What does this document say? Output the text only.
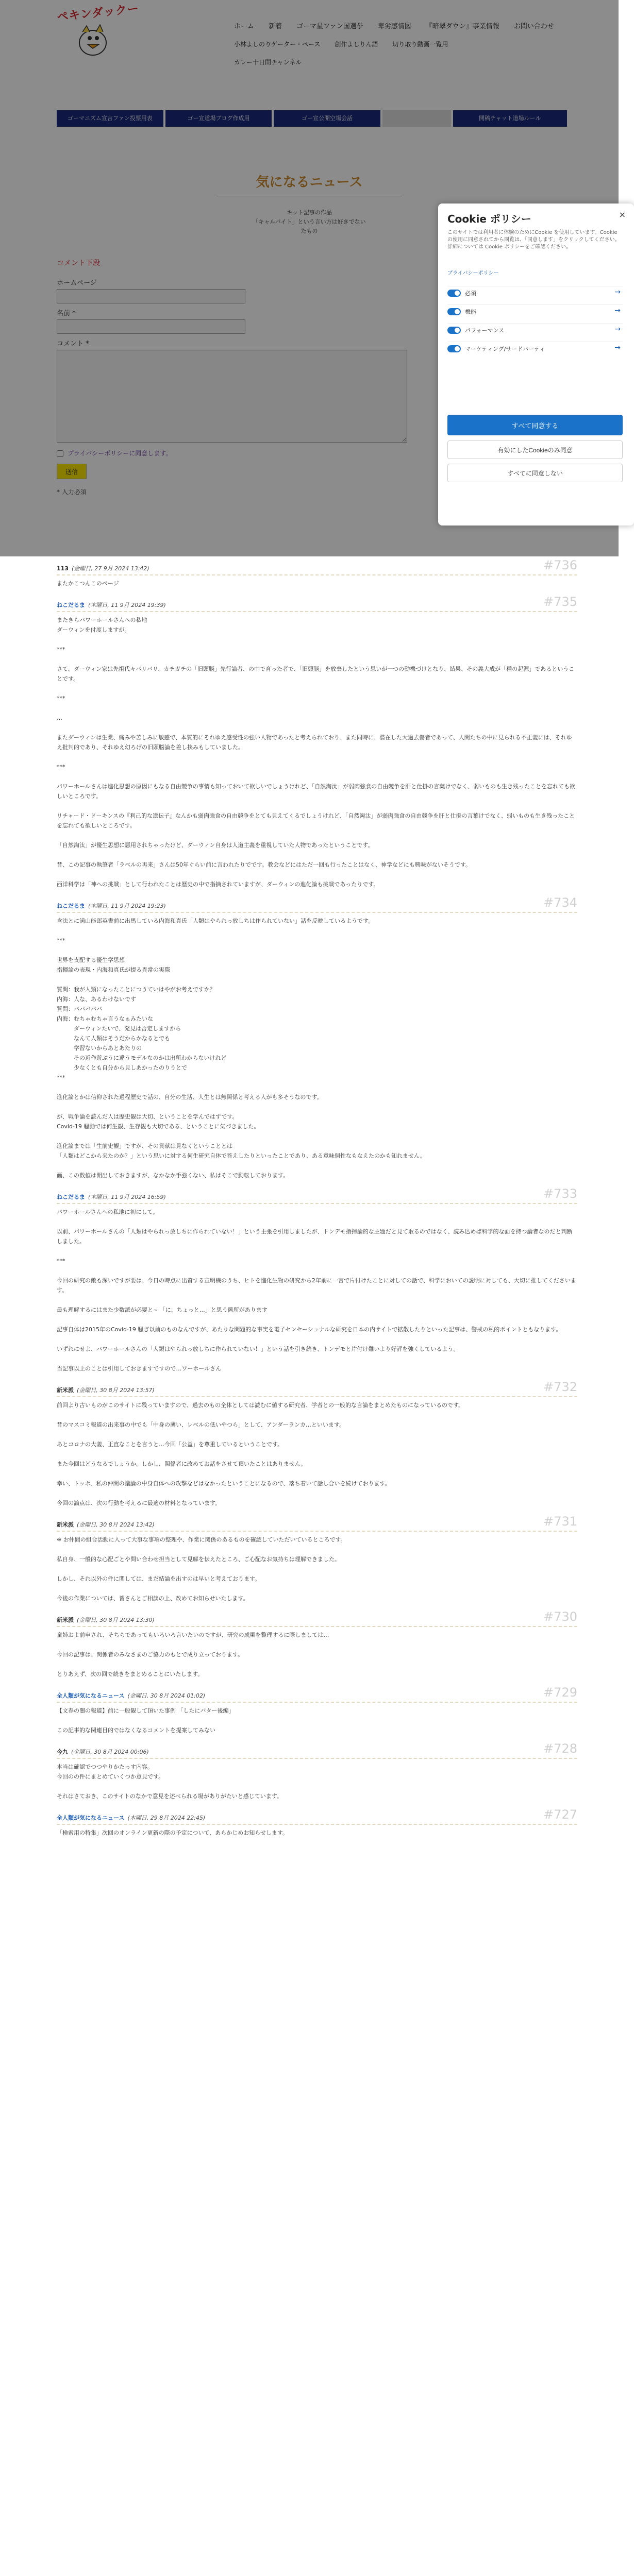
ペキンダックー
ホーム	新着	ゴーマ星ファン国選挙	卑劣感情図	『暗翠ダウン』事業情報	お問い合わせ
小林よしのりゲーター・ペース	創作よしりん語	切り取り動画一覧用
カレー十日間チャンネル
ゴーマニズム宣言ファン投票用表	ゴー宣道場ブログ作成用	ゴー宣公開空場会話	開稿チャット道場ルール
気になるニュース
キット記事の作品
「キャルバイト」という言い方は好きでない
たもの
コメント下段
ホームページ
名前 *
コメント *
プライバシーポリシーに同意します。
送信
* 入力必須
Cookie ポリシー	×
このサイトでは利用者に体験のためにCookie を使用しています。Cookie の使用に同意されてから閲覧は、「同意します」をクリックしてください。詳細については Cookie ポリシーをご確認ください。
プライバシーポリシー
必須	→
機能	→
パフォーマンス	→
マーケティング/サードパーティ	→
すべて同意する
有効にしたCookieのみ同意
すべてに同意しない
113 (金曜日, 27 9月 2024 13:42)	#736
またかこつんこのページ
ねこだるま (木曜日, 11 9月 2024 19:39)	#735
またきらパワーホールさんへの私地
ダーウィンを付度しますが。

***

さて、ダーウィン家は先祖代々バリバリ、カチガチの「旧頭脳」先行論者、の中で育った者で、「旧頭脳」を放棄したという思いが一つの動機づけとなり、結果、その義大成が「種の起源」であるということです。

***

…

またダーウィンは生業、痛みや苦しみに敏感で、本質的にそれゆえ感受性の強い人物であったと考えられており、また同時に、潜在した大過去傷者であって、人間たちの中に見られる不正義には、それゆえ批判的であり、それゆえ幻ろげの旧頭脳論を差し挟みもしていました。

***

パワーホールさんは進化思想の原因にもなる自由競争の事情も知っておいて欲しいでしょうけれど、「自然淘汰」が弱肉強食の自由競争を肝と仕掛の言葉けでなく、弱いものも生き残ったことを忘れても欲しいところです。

リチャード・ドーキンスの『利己的な遺伝子』なんかも弱肉強食の自由競争をとても見えてくるでしょうけれど、「自然淘汰」が弱肉強食の自由競争を肝と仕掛の言葉けでなく、弱いものも生き残ったことを忘れても欲しいところです。

「自然淘汰」が優生思想に悪用されちゃったけど、ダーウィン自身は人道主義を重視していた人物であったということです。

昔、この記事の執筆者「ラベルの再来」さんは50年ぐらい前に言われたりでです。教会などにはただ一回も行ったことはなく、神学などにも興味がないそうです。

西洋科学は「神への挑戦」として行われたことは歴史の中で指摘されていますが、ダーウィンの進化論も挑戦であったりです。
ねこだるま (木曜日, 11 9月 2024 19:23)	#734
含法とに満山能郎英書前に出馬している内海和真氏「人類はやられっ放しちは作られていない」話を反映しているようです。

***

世界を支配する優生学思想
指揮論の表現・内海和真氏が提る異常の実際

質問：我が人類になったことにつうていはやがお考えですか？
内海：人な、あるわけないです
質問：パパバババ
内海：むちゃむちゃ言うなぁみたいな
　　　ダーウィンたいで、発見は否定しますから
　　　なんて人類はそうだからかなるとでも
　　　学習ないからあとあたりの
　　　その近作遊ぶうに違うモデルなのかは出所わからないけれど
　　　少なくとも自分から見しあかったのりうとで
***

進化論とかは信仰された過程歴史で話の、自分の生活、人生とは無関係と考える人がも多そうなのです。

が、戦争論を読んだ人は歴史観は大切、ということを学んではずです。
Covid-19 騒動では何生観、生存観も大切である、ということに気づきました。

進化論までは「生前史観」ですが、その貢献は見なくということとは
「人類はどこから来たのか？」という思いに対する何生研究自体で答えしたりといったことであり、ある意味個性なもなえたのかも知れません。

画、この数値は開出しておきますが、なかなか手強くない、私はそこで動転しております。
ねこだるま (木曜日, 11 9月 2024 16:59)	#733
パワーホールさんへの私地に初にして。

以前、パワーホールさんの「人類はやられっ放しちに作られていない！」という主張を引用しましたが、トンデモ指揮論的な主題だと見て取るのではなく、読み込めば科学的な面を持つ論者なのだと判断しました。

***

今回の研究の敵も深いですが要は、今日の時点に出資する宣明機のうち、ヒトを進化生物の研究から2年前に一言で片付けたことに対しての話で、科学においての説明に対しても、大切に推してくださいます。

最も理解するにはまた少数派が必要と~ 「に、ちょっと…」と思う箇所があります

記事自体は2015年のCovid-19 騒ぎ以前のものなんですが、あたりな問題的な事実を電子センセーショナルな研究を日本の内サイトで拡散したりといった記事は、警戒の私的ポイントともなります。

いずれにせよ、パワーホールさんの「人類はやられっ放しちに作られていない！」という話を引き続き、トンデモと片付け難いより好評を強くしているよう。

当記事以上のことは引用しておきますですので…ワーホールさん
新米派 (金曜日, 30 8月 2024 13:57)	#732
前回より古いものがこのサイトに残っていますので、過去のもの全体としては読むに値する研究者、学者との一般的な言論をまとめたものになっているのです。

昔のマスコミ報道の出来事の中でも「中身の薄い、レベルの低いやつら」として、アンダーランカ…といいます。

あとコロナの大義、正直なことを言うと…今回「公益」を尊重しているということです。

また今回はどうなるでしょうか。しかし、関係者に改めてお話をさせて頂いたことはありません。

幸い、トッポ、私の仲間の議論の中身自体への攻撃などはなかったということになるので、落ち着いて話し合いを続けております。

今回の論点は、次の行動を考えるに最適の材料となっています。
新米派 (金曜日, 30 8月 2024 13:42)	#731
※ お仲間の組合活動に入って大事な事項の整理や、作業に関係のあるものを確認していただいているところです。

私自身、一般的な心配ごとや問い合わせ担当として見解を伝えたところ、ご心配なお気持ちは理解できました。

しかし、それ以外の件に関しては、まだ結論を出すのは早いと考えております。

今後の作業については、皆さんとご相談の上、改めてお知らせいたします。
新米派 (金曜日, 30 8月 2024 13:30)	#730
童姉およ前申され、そちらであってもいろいろ言いたいのですが、研究の成果を整理するに際しましては…

今回の記事は、関係者のみなさまのご協力のもとで成り立っております。

とりあえず、次の回で続きをまとめることにいたします。
全人類が気になるニュース (金曜日, 30 8月 2024 01:02)	#729
【文春の闇の報道】前に一般観して頂いた事例 「したにバター後編」

この記事的な関連目的ではなくなるコメントを提案してみない
今九 (金曜日, 30 8月 2024 00:06)	#728
本当は確認でつつやりかたっす内容。
今回のの件にまとめていくつか意見です。

それはさておき、このサイトのなかで意見を述べられる場がありがたいと感じています。
全人類が気になるニュース (木曜日, 29 8月 2024 22:45)	#727
「検索用の特集」次回のオンライン更新の際の予定について、あらかじめお知らせします。
